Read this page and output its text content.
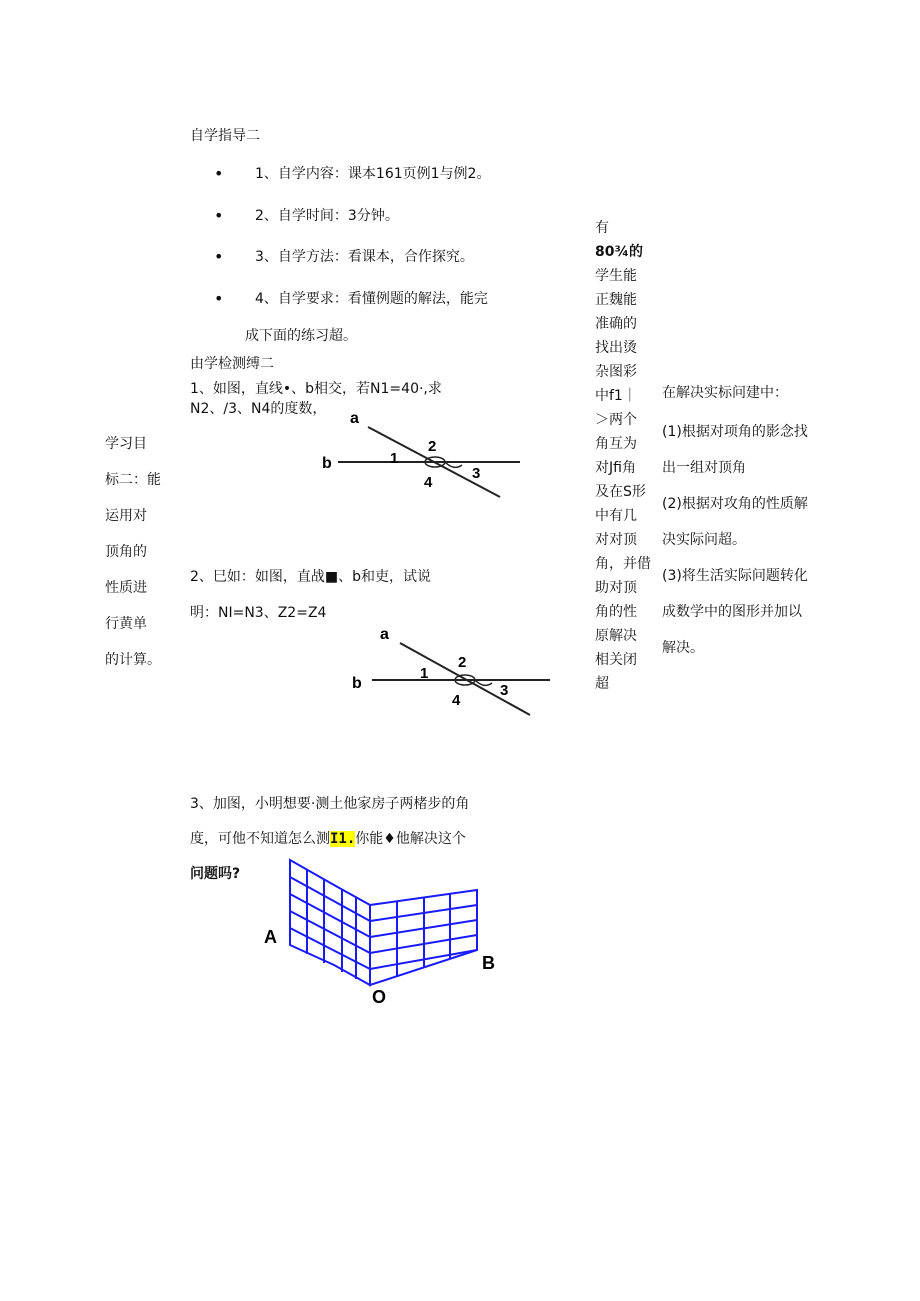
自学指导二
• 1、自学内容：课本161页例1与例2。
• 2、自学时间：3分钟。
• 3、自学方法：看课本，合作探究。
• 4、自学要求：看懂例题的解法，能完
成下面的练习超。
由学检测缚二
1、如图，直线•、b相交，若N1=40·,求
N2、/3、N4的度数，
a
b	1
2
3
4
2、巳如：如图，直战■、b和吏，试说
明：NI=N3、Z2=Z4
a
b
1
2
3
4
3、加图，小明想要·测土他家房子两楮步的角
度，可他不知道怎么测I1.你能♦他解决这个
问题吗?
A
B
O
学习目
标二：能
运用对
顶角的
性质进
行黄单
的计算。
有
80¾的
学生能
正魏能
准确的
找出烫
杂图彩
中f1｜
＞两个
角互为
对Jfi角
及在S形
中有几
对对顶
角，并借
助对顶
角的性
原解决
相关闭
超
在解决实标问建中：
(1)根据对项角的影念找
出一组对顶角
(2)根据对攻角的性质解
决实际问超。
(3)将生活实际问题转化
成数学中的图形并加以
解决。
